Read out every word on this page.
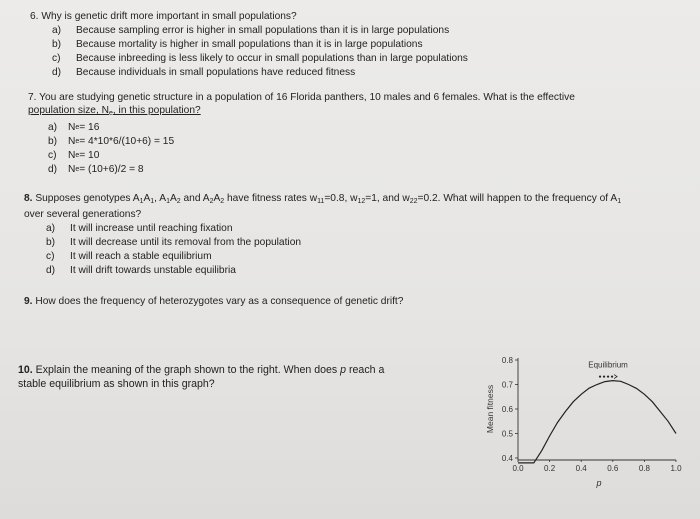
6. Why is genetic drift more important in small populations?
a)	Because sampling error is higher in small populations than it is in large populations
b)	Because mortality is higher in small populations than it is in large populations
c)	Because inbreeding is less likely to occur in small populations than in large populations
d)	Because individuals in small populations have reduced fitness
7. You are studying genetic structure in a population of 16 Florida panthers, 10 males and 6 females. What is the effective
population size, $N_e$, in this population?
a)	N e = 16
b)	N e = 4*10*6/(10+6) = 15
c)	N e = 10
d)	N e = (10+6)/2 = 8
8. Supposes genotypes $A_1A_1$, $A_1A_2$ and $A_2A_2$ have fitness rates $w_{11}=0.8$, $w_{12}=1$, and $w_{22}=0.2$. What will happen to the frequency of $A_1$
over several generations?
a)	It will increase until reaching fixation
b)	It will decrease until its removal from the population
c)	It will reach a stable equilibrium
d)	It will drift towards unstable equilibria
9. How does the frequency of heterozygotes vary as a consequence of genetic drift?
10. Explain the meaning of the graph shown to the right. When does p reach a
stable equilibrium as shown in this graph?
0.4
0.5
0.6
0.7
0.8
0.0	0.2	0.4	0.6	0.8	1.0
Equilibrium
Mean fitness
p
